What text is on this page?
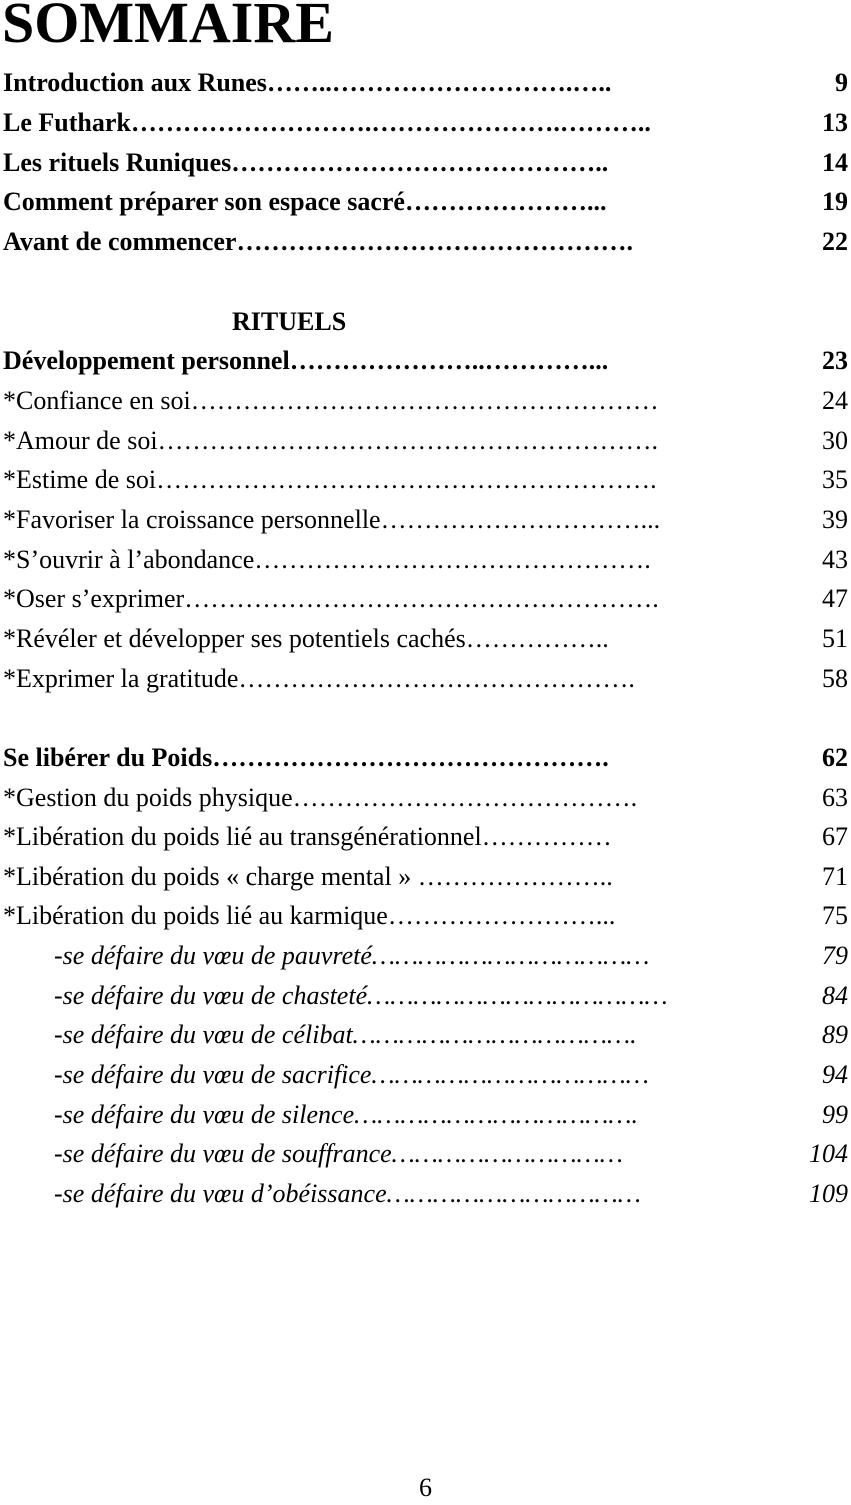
SOMMAIRE
Introduction aux Runes……..……………………….…..	9
Le Futhark……………………….………………….………..	13
Les rituels Runiques……………………………………..	14
Comment préparer son espace sacré…………………...	19
Avant de commencer……………………………………….	22
RITUELS
Développement personnel…………………..…………...	23
*Confiance en soi………………………………………………	24
*Amour de soi………………………………………………….	30
*Estime de soi………………………………………………….	35
*Favoriser la croissance personnelle…………………………...	39
*S’ouvrir à l’abondance……………………………………….	43
*Oser s’exprimer……………………………………………….	47
*Révéler et développer ses potentiels cachés……………..	51
*Exprimer la gratitude……………………………………….	58
Se libérer du Poids……………………………………….	62
*Gestion du poids physique………………………………….	63
*Libération du poids lié au transgénérationnel……………	67
*Libération du poids « charge mental » …………………..	71
*Libération du poids lié au karmique……………………...	75
-se défaire du vœu de pauvreté………………………………	79
-se défaire du vœu de chasteté…………………………………	84
-se défaire du vœu de célibat……………………………….	89
-se défaire du vœu de sacrifice………………………………	94
-se défaire du vœu de silence……………………………….	99
-se défaire du vœu de souffrance…………………………	104
-se défaire du vœu d’obéissance……………………………	109
6
